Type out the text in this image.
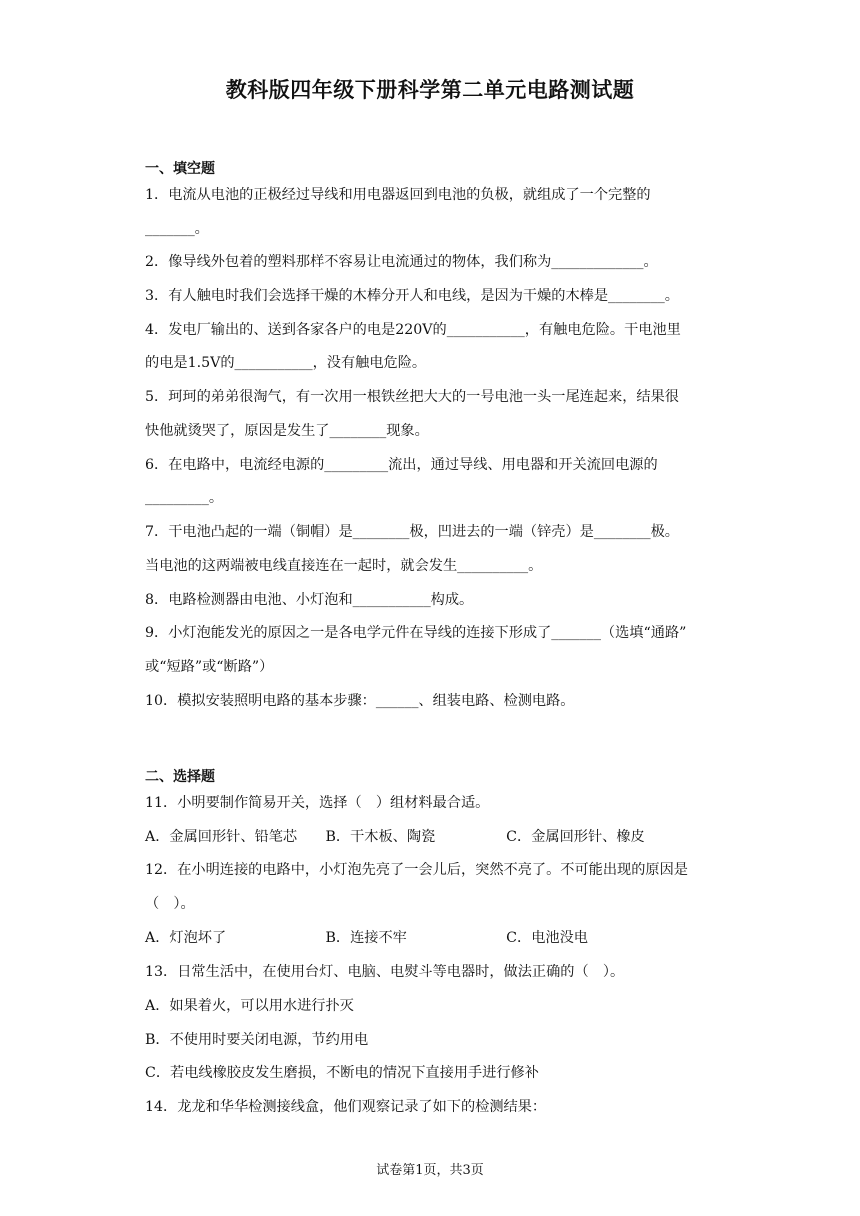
教科版四年级下册科学第二单元电路测试题
一、填空题
1．电流从电池的正极经过导线和用电器返回到电池的负极，就组成了一个完整的
_______。
2．像导线外包着的塑料那样不容易让电流通过的物体，我们称为_____________。
3．有人触电时我们会选择干燥的木棒分开人和电线，是因为干燥的木棒是________。
4．发电厂输出的、送到各家各户的电是220V的___________，有触电危险。干电池里
的电是1.5V的___________，没有触电危险。
5．珂珂的弟弟很淘气，有一次用一根铁丝把大大的一号电池一头一尾连起来，结果很
快他就烫哭了，原因是发生了________现象。
6．在电路中，电流经电源的_________流出，通过导线、用电器和开关流回电源的
_________。
7．干电池凸起的一端（铜帽）是________极，凹进去的一端（锌壳）是________极。
当电池的这两端被电线直接连在一起时，就会发生__________。
8．电路检测器由电池、小灯泡和___________构成。
9．小灯泡能发光的原因之一是各电学元件在导线的连接下形成了_______（选填“通路”
或“短路”或“断路”）
10．模拟安装照明电路的基本步骤：______、组装电路、检测电路。
二、选择题
11．小明要制作简易开关，选择（　）组材料最合适。
A．金属回形针、铅笔芯　　B．干木板、陶瓷　　　　　C．金属回形针、橡皮
12．在小明连接的电路中，小灯泡先亮了一会儿后，突然不亮了。不可能出现的原因是
（　）。
A．灯泡坏了　　　　　　　B．连接不牢　　　　　　　C．电池没电
13．日常生活中，在使用台灯、电脑、电熨斗等电器时，做法正确的（　）。
A．如果着火，可以用水进行扑灭
B．不使用时要关闭电源，节约用电
C．若电线橡胶皮发生磨损，不断电的情况下直接用手进行修补
14．龙龙和华华检测接线盒，他们观察记录了如下的检测结果：
试卷第1页，共3页
